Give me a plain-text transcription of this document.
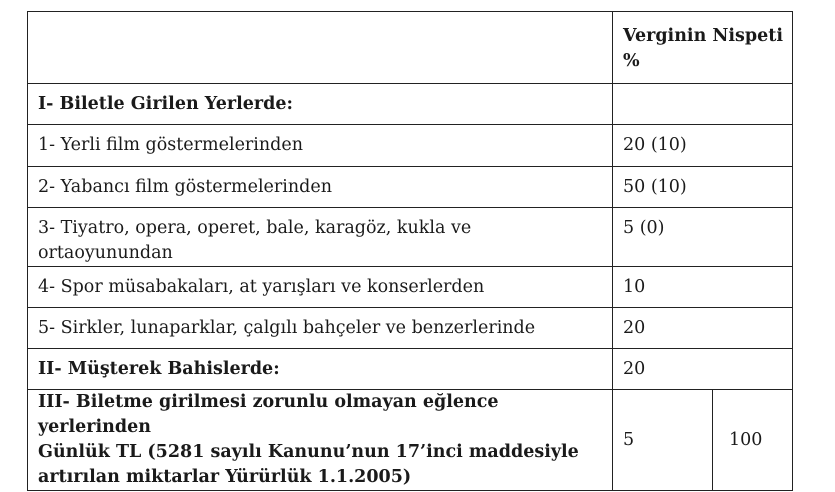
	Verginin Nispeti
%	

I- Biletle Girilen Yerlerde:		
1- Yerli film göstermelerinden	20 (10)	
2- Yabancı film göstermelerinden	50 (10)	
3- Tiyatro, opera, operet, bale, karagöz, kukla ve ortaoyunundan	5 (0)	
4- Spor müsabakaları, at yarışları ve konserlerden	10	
5- Sirkler, lunaparklar, çalgılı bahçeler ve benzerlerinde	20	
II- Müşterek Bahislerde:	20	

III- Biletme girilmesi zorunlu olmayan eğlence yerlerinden
Günlük TL (5281 sayılı Kanunu’nun 17’inci maddesiyle
artırılan miktarlar Yürürlük 1.1.2005)	5	100
